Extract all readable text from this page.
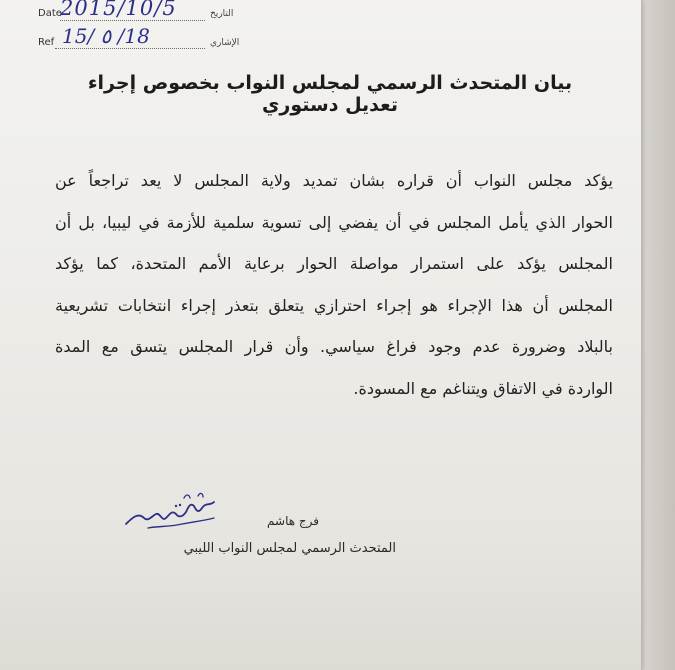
Date
2015/10/5	التاريخ
Ref 15/ ٥ /18	الإشاري
بيان المتحدث الرسمي لمجلس النواب بخصوص إجراء تعديل دستوري
يؤكد مجلس النواب أن قراره بشان تمديد ولاية المجلس لا يعد تراجعاً عن
الحوار الذي يأمل المجلس في أن يفضي إلى تسوية سلمية للأزمة في ليبيا، بل أن
المجلس يؤكد على استمرار مواصلة الحوار برعاية الأمم المتحدة، كما يؤكد
المجلس أن هذا الإجراء هو إجراء احترازي يتعلق بتعذر إجراء انتخابات تشريعية
بالبلاد وضرورة عدم وجود فراغ سياسي. وأن قرار المجلس يتسق مع المدة
الواردة في الاتفاق ويتناغم مع المسودة.
فرج هاشم
المتحدث الرسمي لمجلس النواب الليبي
